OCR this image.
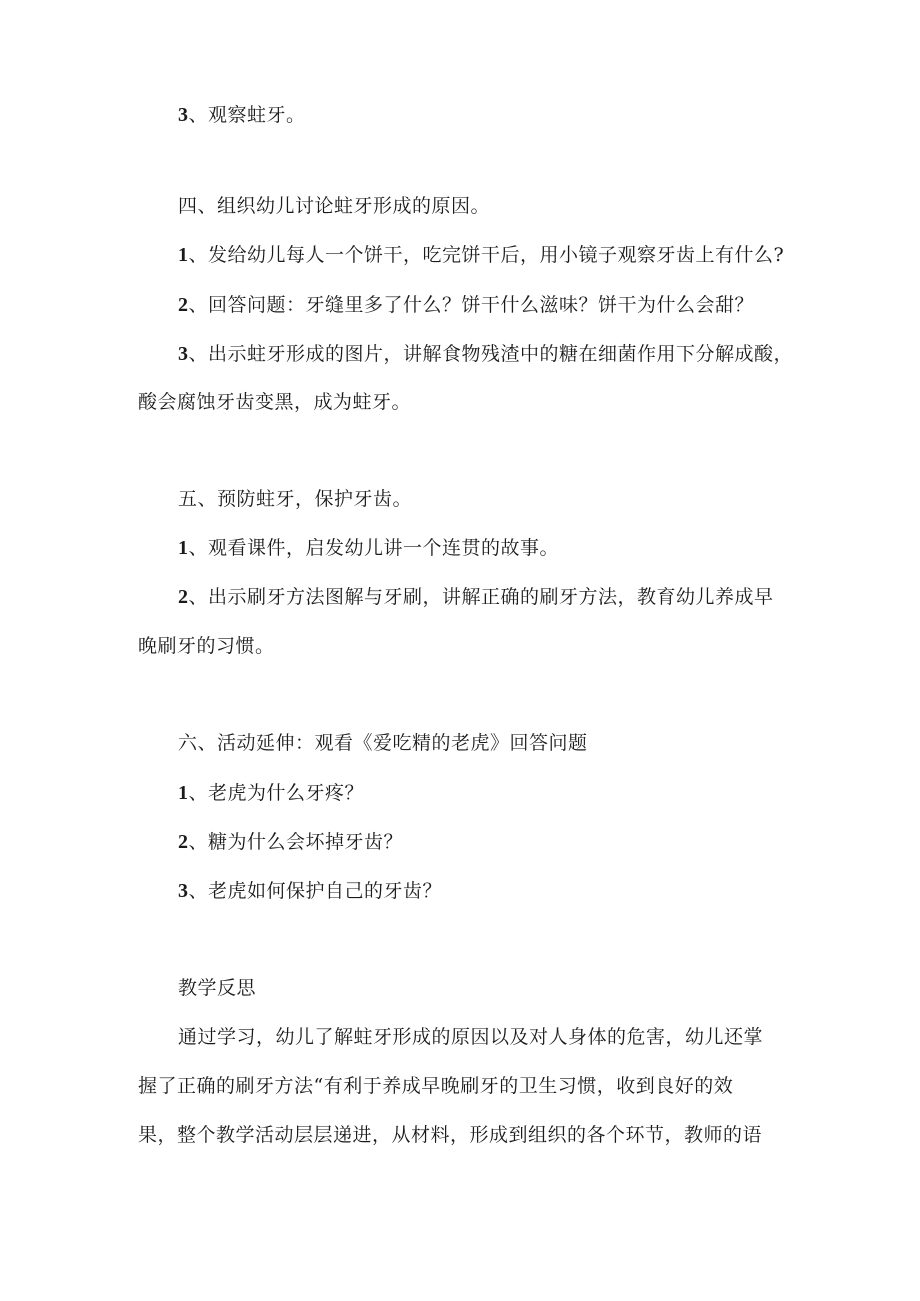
3、观察蛀牙。
四、组织幼儿讨论蛀牙形成的原因。
1、发给幼儿每人一个饼干，吃完饼干后，用小镜子观察牙齿上有什么?
2、回答问题：牙缝里多了什么？饼干什么滋味？饼干为什么会甜？
3、出示蛀牙形成的图片，讲解食物残渣中的糖在细菌作用下分解成酸，
酸会腐蚀牙齿变黑，成为蛀牙。
五、预防蛀牙，保护牙齿。
1、观看课件，启发幼儿讲一个连贯的故事。
2、出示刷牙方法图解与牙刷，讲解正确的刷牙方法，教育幼儿养成早
晚刷牙的习惯。
六、活动延伸：观看《爱吃精的老虎》回答问题
1、老虎为什么牙疼？
2、糖为什么会坏掉牙齿？
3、老虎如何保护自己的牙齿？
教学反思
通过学习，幼儿了解蛀牙形成的原因以及对人身体的危害，幼儿还掌
握了正确的刷牙方法“有利于养成早晚刷牙的卫生习惯，收到良好的效
果，整个教学活动层层递进，从材料，形成到组织的各个环节，教师的语
